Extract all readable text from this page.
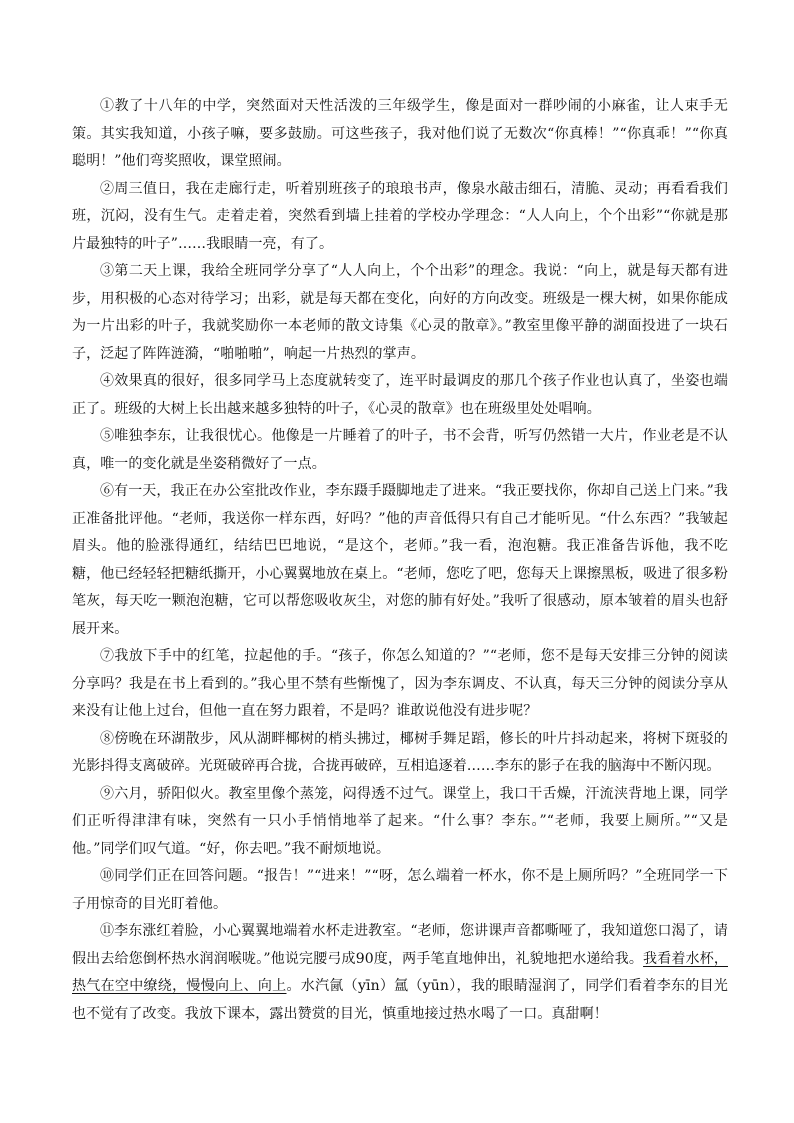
①教了十八年的中学，突然面对天性活泼的三年级学生，像是面对一群吵闹的小麻雀，让人束手无策。其实我知道，小孩子嘛，要多鼓励。可这些孩子，我对他们说了无数次“你真棒！”“你真乖！”“你真聪明！”他们弯奖照收，课堂照闹。

②周三值日，我在走廊行走，听着别班孩子的琅琅书声，像泉水敲击细石，清脆、灵动；再看看我们班，沉闷，没有生气。走着走着，突然看到墙上挂着的学校办学理念：“人人向上，个个出彩”“你就是那片最独特的叶子”……我眼睛一亮，有了。

③第二天上课，我给全班同学分享了“人人向上，个个出彩”的理念。我说：“向上，就是每天都有进步，用积极的心态对待学习；出彩，就是每天都在变化，向好的方向改变。班级是一棵大树，如果你能成为一片出彩的叶子，我就奖励你一本老师的散文诗集《心灵的散章》。”教室里像平静的湖面投进了一块石子，泛起了阵阵涟漪，“啪啪啪”，响起一片热烈的掌声。

④效果真的很好，很多同学马上态度就转变了，连平时最调皮的那几个孩子作业也认真了，坐姿也端正了。班级的大树上长出越来越多独特的叶子，《心灵的散章》也在班级里处处唱响。

⑤唯独李东，让我很忧心。他像是一片睡着了的叶子，书不会背，听写仍然错一大片，作业老是不认真，唯一的变化就是坐姿稍微好了一点。

⑥有一天，我正在办公室批改作业，李东蹑手蹑脚地走了进来。“我正要找你，你却自己送上门来。”我正准备批评他。“老师，我送你一样东西，好吗？”他的声音低得只有自己才能听见。“什么东西？”我皱起眉头。他的脸涨得通红，结结巴巴地说，“是这个，老师。”我一看，泡泡糖。我正准备告诉他，我不吃糖，他已经轻轻把糖纸撕开，小心翼翼地放在桌上。“老师，您吃了吧，您每天上课擦黑板，吸进了很多粉笔灰，每天吃一颗泡泡糖，它可以帮您吸收灰尘，对您的肺有好处。”我听了很感动，原本皱着的眉头也舒展开来。

⑦我放下手中的红笔，拉起他的手。“孩子，你怎么知道的？”“老师，您不是每天安排三分钟的阅读分享吗？我是在书上看到的。”我心里不禁有些惭愧了，因为李东调皮、不认真，每天三分钟的阅读分享从来没有让他上过台，但他一直在努力跟着，不是吗？谁敢说他没有进步呢？

⑧傍晚在环湖散步，风从湖畔椰树的梢头拂过，椰树手舞足蹈，修长的叶片抖动起来，将树下斑驳的光影抖得支离破碎。光斑破碎再合拢，合拢再破碎，互相追逐着……李东的影子在我的脑海中不断闪现。

⑨六月，骄阳似火。教室里像个蒸笼，闷得透不过气。课堂上，我口干舌燥，汗流浃背地上课，同学们正听得津津有味，突然有一只小手悄悄地举了起来。“什么事？李东。”“老师，我要上厕所。”“又是他。”同学们叹气道。“好，你去吧。”我不耐烦地说。

⑩同学们正在回答问题。“报告！”“进来！”“呀，怎么端着一杯水，你不是上厕所吗？”全班同学一下子用惊奇的目光盯着他。

⑪李东涨红着脸，小心翼翼地端着水杯走进教室。“老师，您讲课声音都嘶哑了，我知道您口渴了，请假出去给您倒杯热水润润喉咙。”他说完腰弓成90度，两手笔直地伸出，礼貌地把水递给我。我看着水杯，热气在空中缭绕，慢慢向上、向上。水汽氤（yīn）氲（yūn），我的眼睛湿润了，同学们看着李东的目光也不觉有了改变。我放下课本，露出赞赏的目光，慎重地接过热水喝了一口。真甜啊！
